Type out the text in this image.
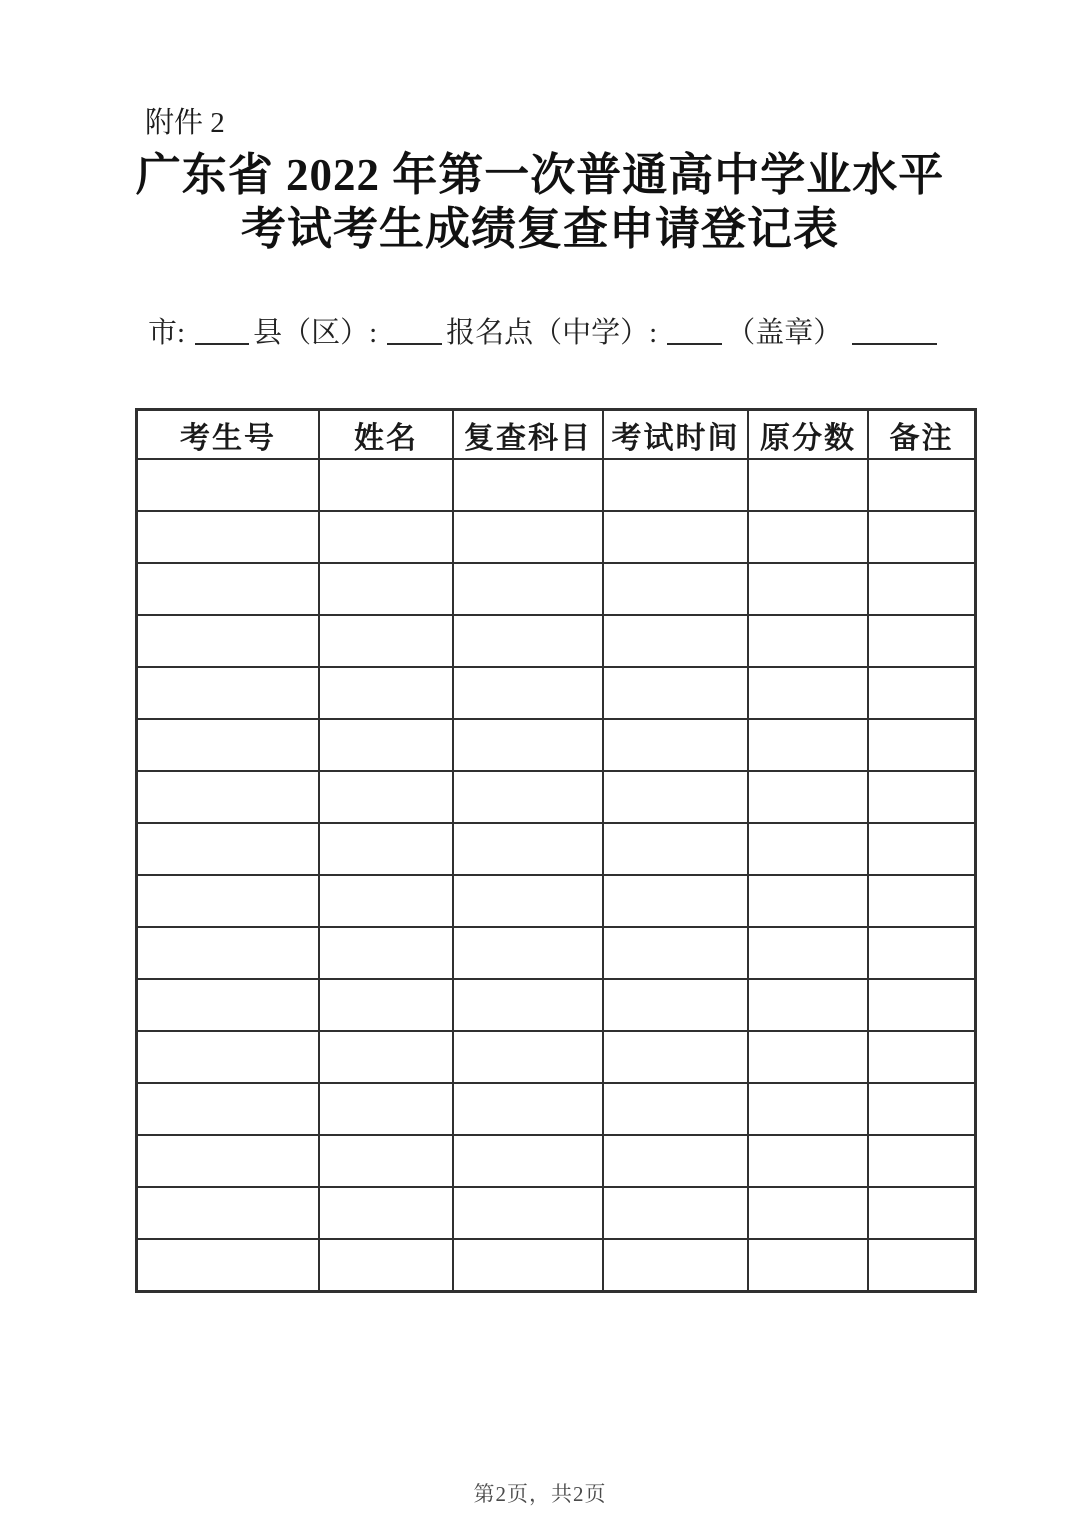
附件 2
广东省 2022 年第一次普通高中学业水平
考试考生成绩复查申请登记表
市: 县（区）: 报名点（中学）: （盖章）
考生号	姓名	复查科目	考试时间	原分数	备注

第2页，共2页
